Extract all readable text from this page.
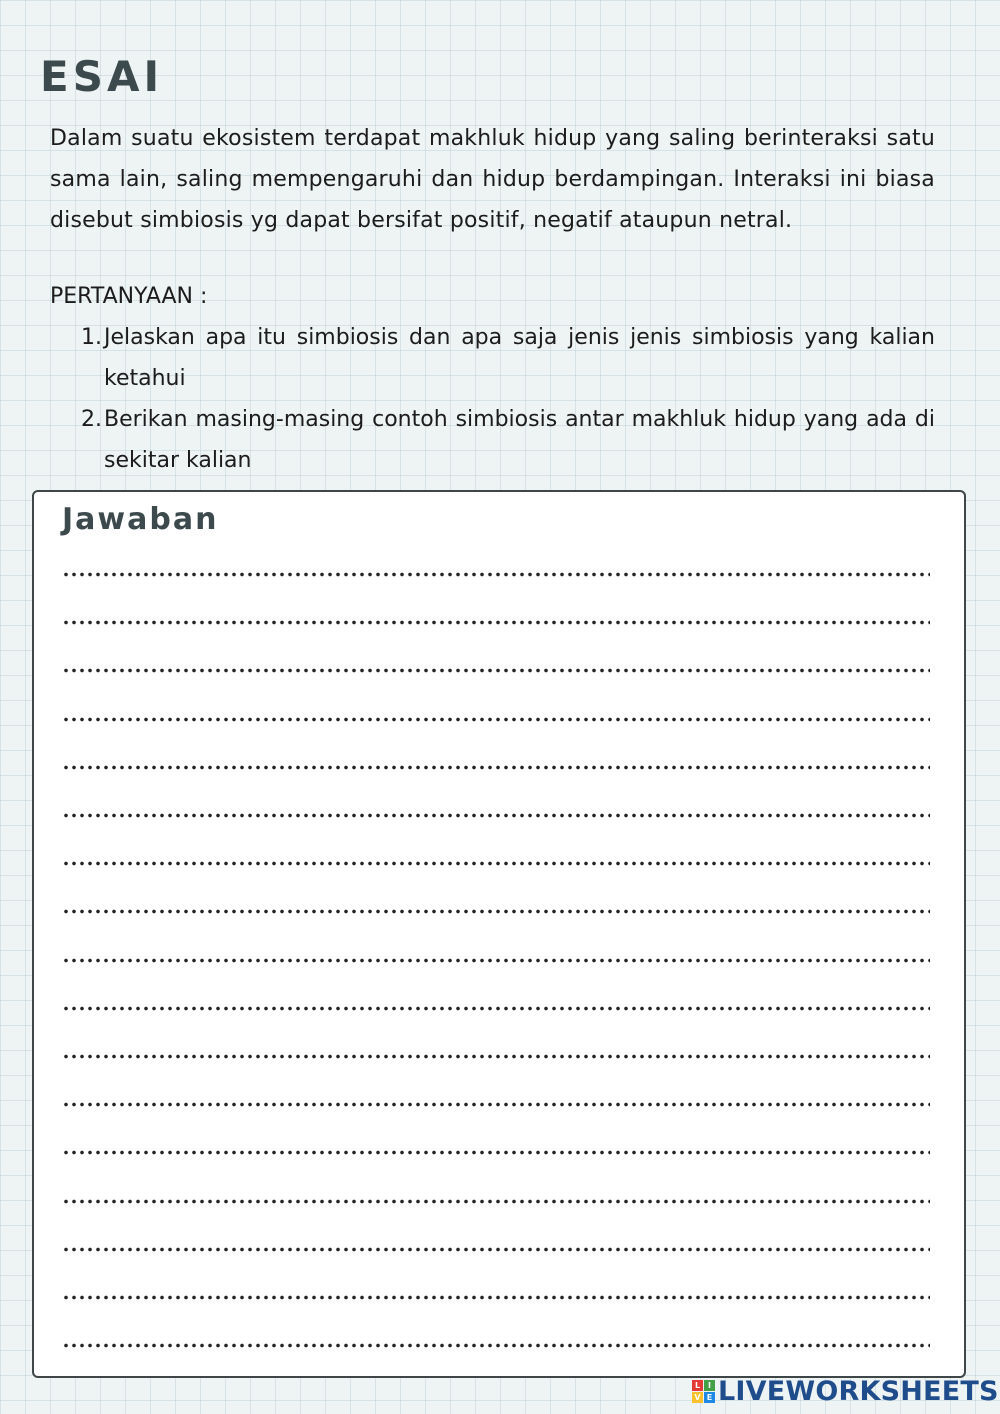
ESAI

Dalam suatu ekosistem terdapat makhluk hidup yang saling berinteraksi satu sama lain, saling mempengaruhi dan hidup berdampingan. Interaksi ini biasa disebut simbiosis yg dapat bersifat positif, negatif ataupun netral.

PERTANYAAN :

1. Jelaskan apa itu simbiosis dan apa saja jenis jenis simbiosis yang kalian ketahui
2. Berikan masing-masing contoh simbiosis antar makhluk hidup yang ada di sekitar kalian
Jawaban
L I
V E LIVEWORKSHEETS
